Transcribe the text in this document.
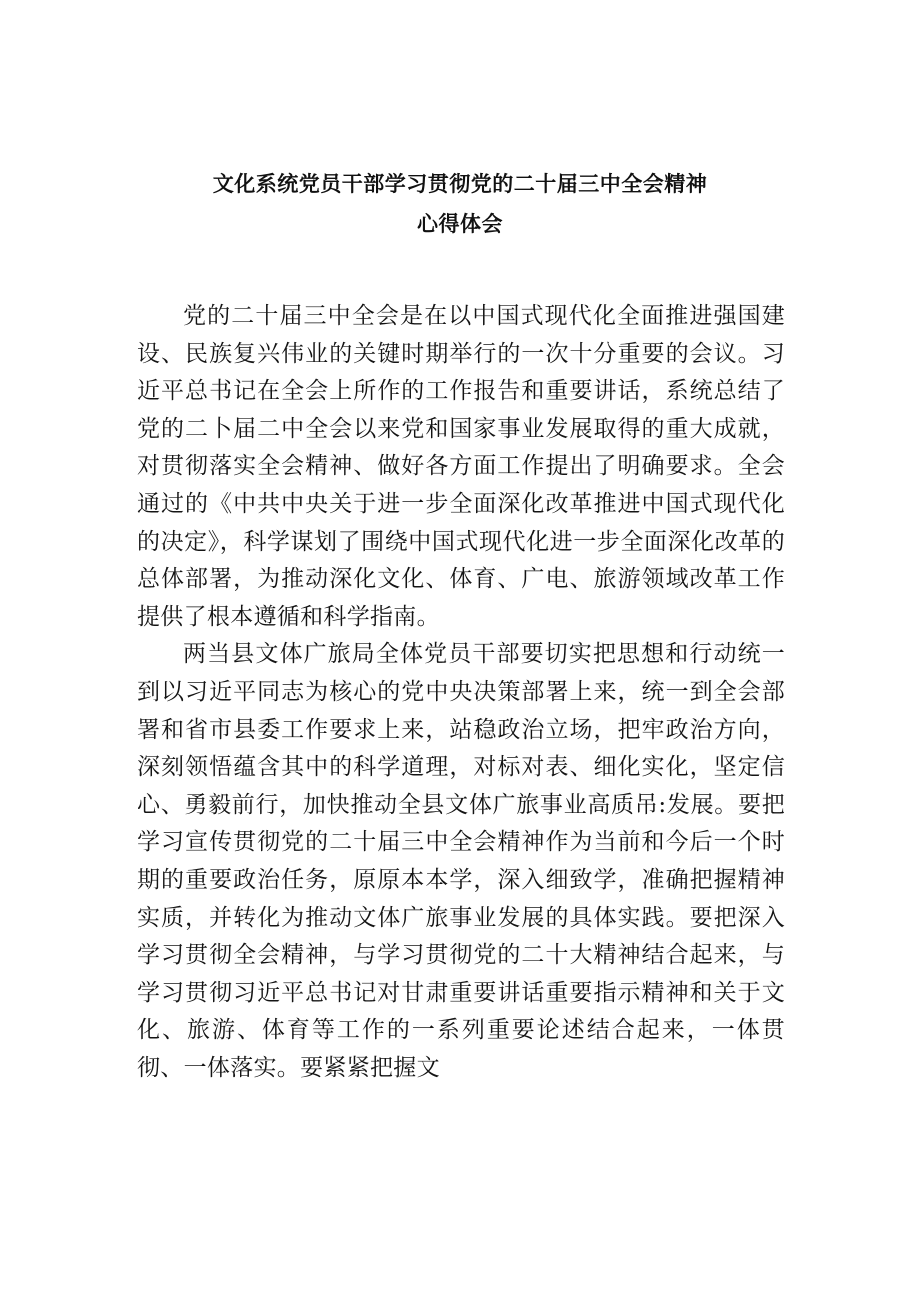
文化系统党员干部学习贯彻党的二十届三中全会精神
心得体会

党的二十届三中全会是在以中国式现代化全面推进强国建设、民族复兴伟业的关键时期举行的一次十分重要的会议。习近平总书记在全会上所作的工作报告和重要讲话，系统总结了党的二卜届二中全会以来党和国家事业发展取得的重大成就，对贯彻落实全会精神、做好各方面工作提出了明确要求。全会通过的《中共中央关于进一步全面深化改革推进中国式现代化的决定》，科学谋划了围绕中国式现代化进一步全面深化改革的总体部署，为推动深化文化、体育、广电、旅游领域改革工作提供了根本遵循和科学指南。

两当县文体广旅局全体党员干部要切实把思想和行动统一到以习近平同志为核心的党中央决策部署上来，统一到全会部署和省市县委工作要求上来，站稳政治立场，把牢政治方向，深刻领悟蕴含其中的科学道理，对标对表、细化实化，坚定信心、勇毅前行，加快推动全县文体广旅事业高质吊:发展。要把学习宣传贯彻党的二十届三中全会精神作为当前和今后一个时期的重要政治任务，原原本本学，深入细致学，准确把握精神实质，并转化为推动文体广旅事业发展的具体实践。要把深入学习贯彻全会精神，与学习贯彻党的二十大精神结合起来，与学习贯彻习近平总书记对甘肃重要讲话重要指示精神和关于文化、旅游、体育等工作的一系列重要论述结合起来，一体贯彻、一体落实。要紧紧把握文
